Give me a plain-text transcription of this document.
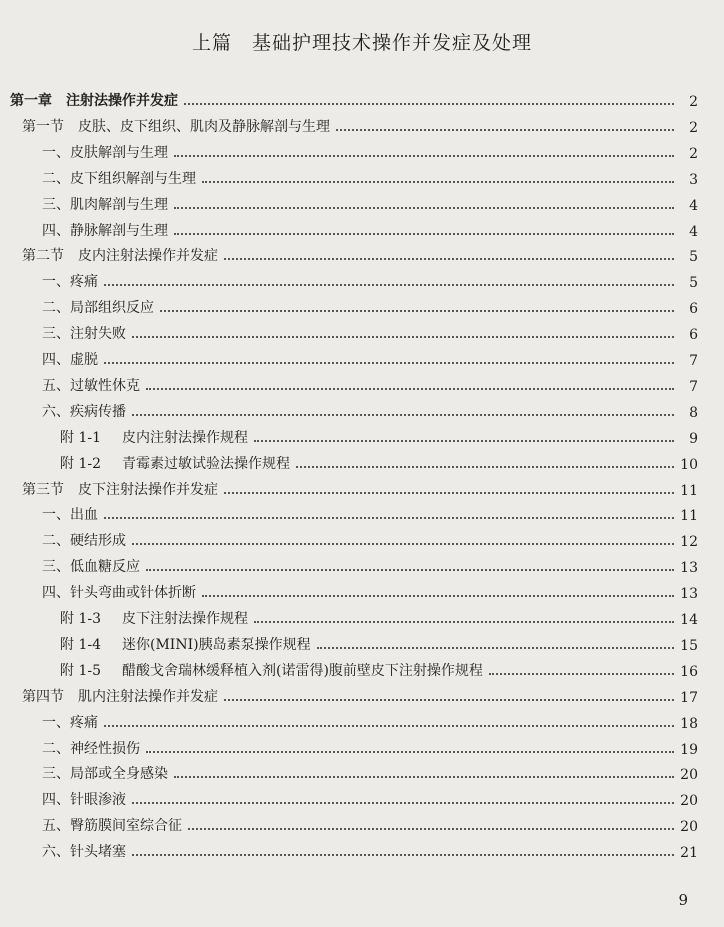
上篇　基础护理技术操作并发症及处理
第一章　注射法操作并发症	2
第一节　皮肤、皮下组织、肌肉及静脉解剖与生理	2
一、皮肤解剖与生理	2
二、皮下组织解剖与生理	3
三、肌肉解剖与生理	4
四、静脉解剖与生理	4
第二节　皮内注射法操作并发症	5
一、疼痛	5
二、局部组织反应	6
三、注射失败	6
四、虚脱	7
五、过敏性休克	7
六、疾病传播	8
附 1-1 皮内注射法操作规程	9
附 1-2 青霉素过敏试验法操作规程	10
第三节　皮下注射法操作并发症	11
一、出血	11
二、硬结形成	12
三、低血糖反应	13
四、针头弯曲或针体折断	13
附 1-3 皮下注射法操作规程	14
附 1-4 迷你(MINI)胰岛素泵操作规程	15
附 1-5 醋酸戈舍瑞林缓释植入剂(诺雷得)腹前壁皮下注射操作规程	16
第四节　肌内注射法操作并发症	17
一、疼痛	18
二、神经性损伤	19
三、局部或全身感染	20
四、针眼渗液	20
五、臀筋膜间室综合征	20
六、针头堵塞	21
9
